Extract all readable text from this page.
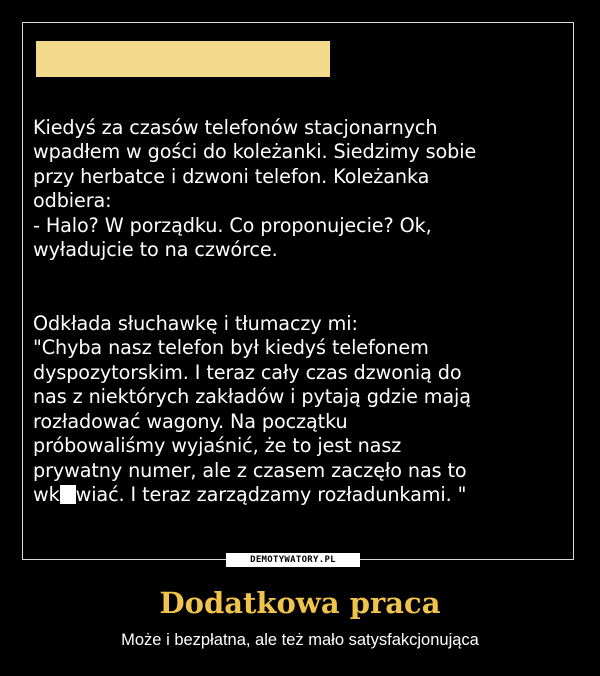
Kiedyś za czasów telefonów stacjonarnych
wpadłem w gości do koleżanki. Siedzimy sobie
przy herbatce i dzwoni telefon. Koleżanka
odbiera:
- Halo? W porządku. Co proponujecie? Ok,
wyładujcie to na czwórce.

Odkłada słuchawkę i tłumaczy mi:
"Chyba nasz telefon był kiedyś telefonem
dyspozytorskim. I teraz cały czas dzwonią do
nas z niektórych zakładów i pytają gdzie mają
rozładować wagony. Na początku
próbowaliśmy wyjaśnić, że to jest nasz
prywatny numer, ale z czasem zaczęło nas to
wk wiać. I teraz zarządzamy rozładunkami. "

DEMOTYWATORY.PL
Dodatkowa praca
Może i bezpłatna, ale też mało satysfakcjonująca
